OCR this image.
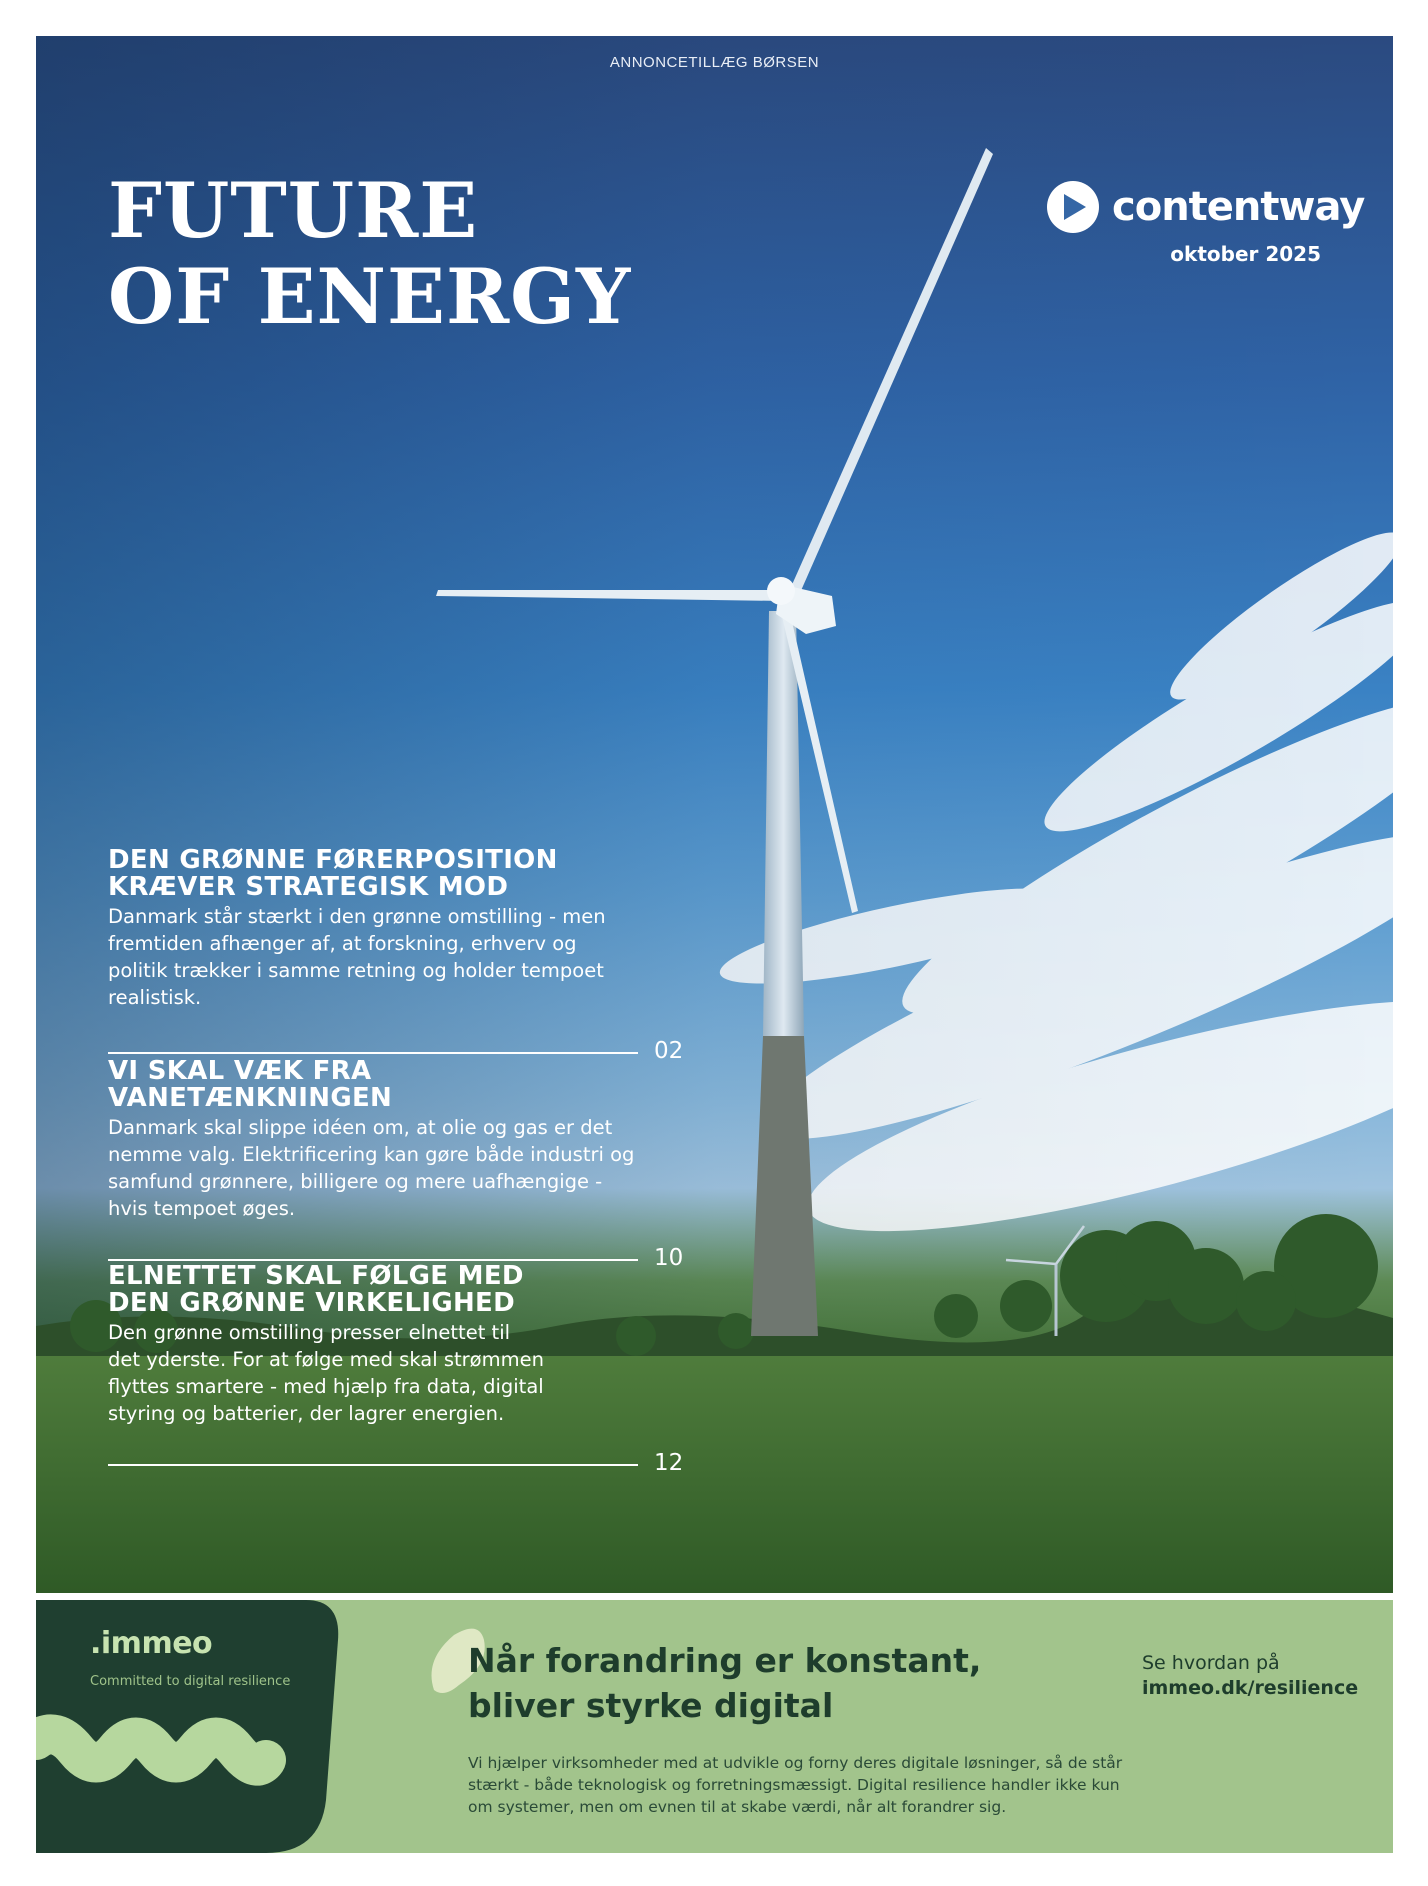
ANNONCETILLÆG BØRSEN
FUTURE
OF ENERGY
contentway
oktober 2025
DEN GRØNNE FØRERPOSITION KRÆVER STRATEGISK MOD

Danmark står stærkt i den grønne omstilling - men fremtiden afhænger af, at forskning, erhverv og politik trækker i samme retning og holder tempoet realistisk.

02
VI SKAL VÆK FRA VANETÆNKNINGEN

Danmark skal slippe idéen om, at olie og gas er det nemme valg. Elektrificering kan gøre både industri og samfund grønnere, billigere og mere uafhængige - hvis tempoet øges.

10
ELNETTET SKAL FØLGE MED DEN GRØNNE VIRKELIGHED

Den grønne omstilling presser elnettet til det yderste. For at følge med skal strømmen flyttes smartere - med hjælp fra data, digital styring og batterier, der lagrer energien.

12
.immeo
Committed to digital resilience
Når forandring er konstant,
bliver styrke digital

Vi hjælper virksomheder med at udvikle og forny deres digitale løsninger, så de står stærkt - både teknologisk og forretningsmæssigt. Digital resilience handler ikke kun om systemer, men om evnen til at skabe værdi, når alt forandrer sig.

Se hvordan på
immeo.dk/resilience
